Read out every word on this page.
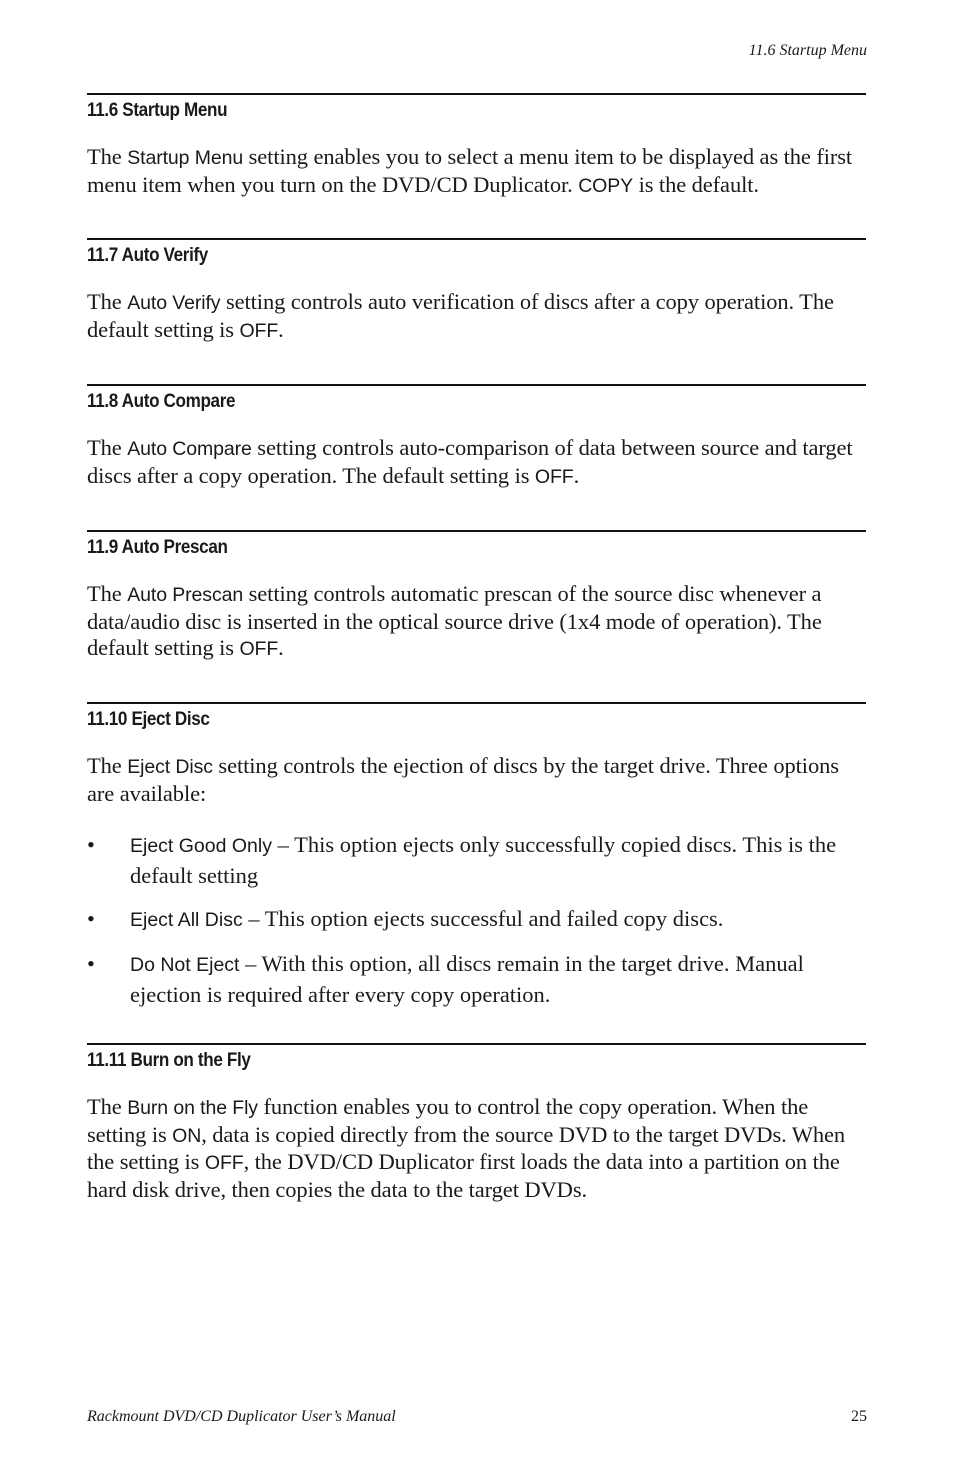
11.6 Startup Menu
11.6 Startup Menu

The Startup Menu setting enables you to select a menu item to be displayed as the first menu item when you turn on the DVD/CD Duplicator. COPY is the default.

11.7 Auto Verify

The Auto Verify setting controls auto verification of discs after a copy operation. The default setting is OFF.

11.8 Auto Compare

The Auto Compare setting controls auto-comparison of data between source and target discs after a copy operation. The default setting is OFF.

11.9 Auto Prescan

The Auto Prescan setting controls automatic prescan of the source disc whenever a data/audio disc is inserted in the optical source drive (1x4 mode of operation). The default setting is OFF.

11.10 Eject Disc

The Eject Disc setting controls the ejection of discs by the target drive. Three options are available:

• Eject Good Only – This option ejects only successfully copied discs. This is the default setting
• Eject All Disc – This option ejects successful and failed copy discs.
• Do Not Eject – With this option, all discs remain in the target drive. Manual ejection is required after every copy operation.
11.11 Burn on the Fly

The Burn on the Fly function enables you to control the copy operation. When the setting is ON, data is copied directly from the source DVD to the target DVDs. When the setting is OFF, the DVD/CD Duplicator first loads the data into a partition on the hard disk drive, then copies the data to the target DVDs.

Rackmount DVD/CD Duplicator User’s Manual	25
